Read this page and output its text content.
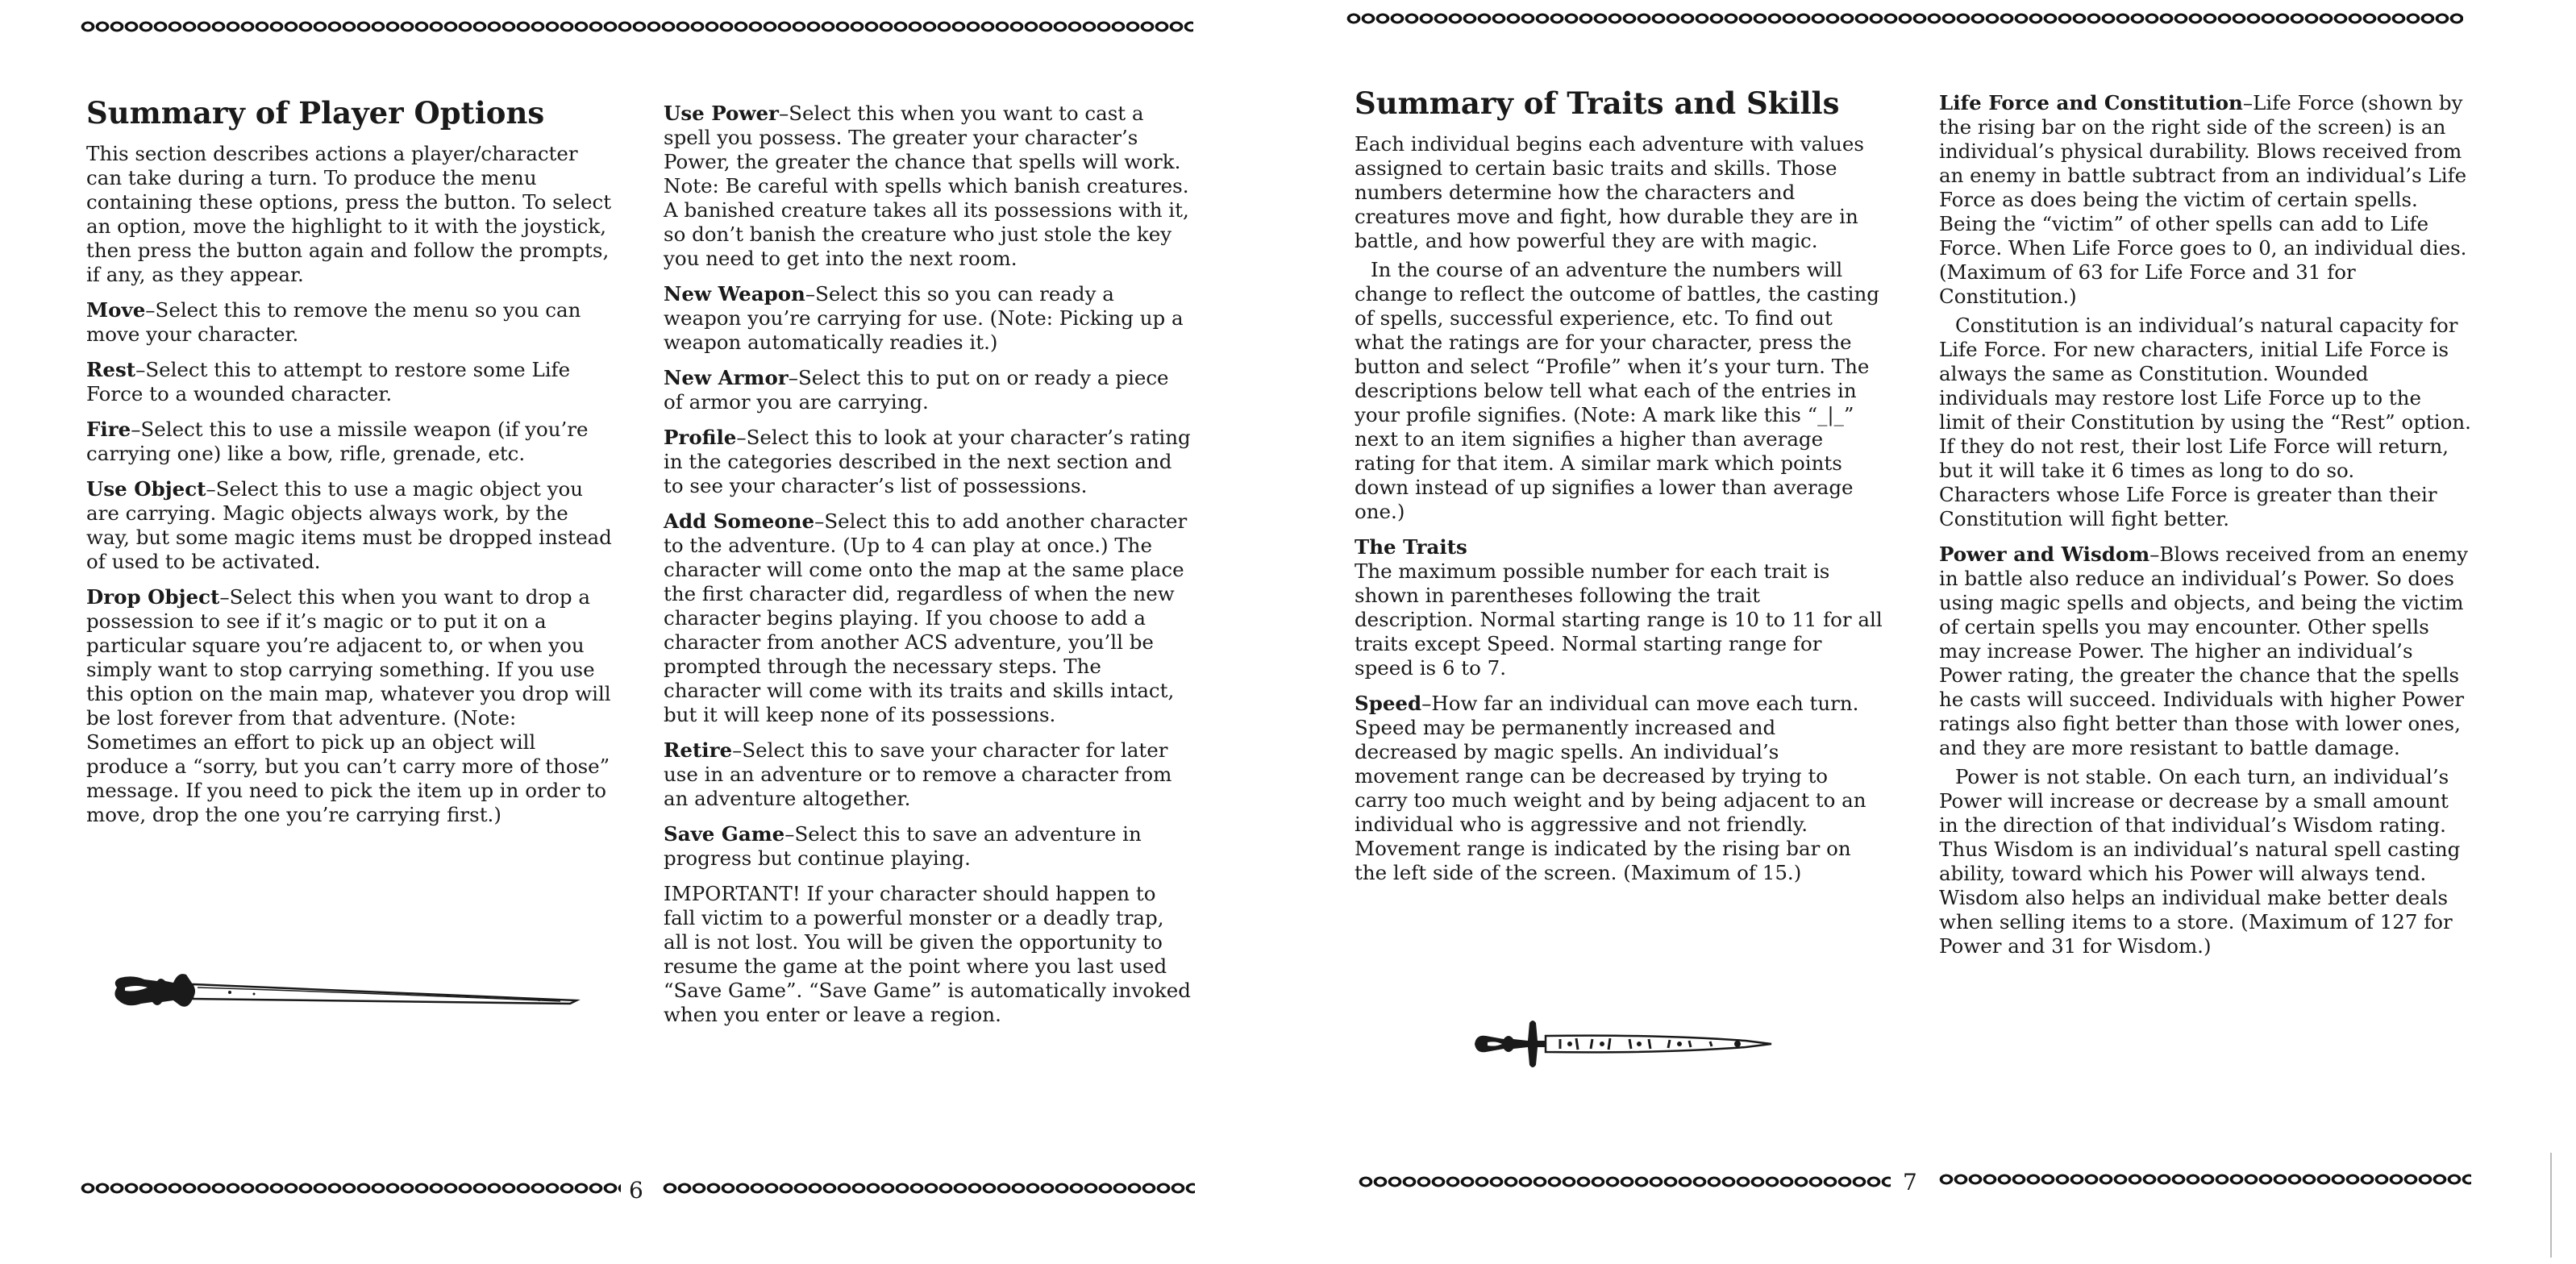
6	7
Summary of Player Options

This section describes actions a player/character can take during a turn. To produce the menu containing these options, press the button. To select an option, move the highlight to it with the joystick, then press the button again and follow the prompts, if any, as they appear.

Move–Select this to remove the menu so you can move your character.

Rest–Select this to attempt to restore some Life Force to a wounded character.

Fire–Select this to use a missile weapon (if you’re carrying one) like a bow, rifle, grenade, etc.

Use Object–Select this to use a magic object you are carrying. Magic objects always work, by the way, but some magic items must be dropped instead of used to be activated.

Drop Object–Select this when you want to drop a possession to see if it’s magic or to put it on a particular square you’re adjacent to, or when you simply want to stop carrying something. If you use this option on the main map, whatever you drop will be lost forever from that adventure. (Note: Sometimes an effort to pick up an object will produce a “sorry, but you can’t carry more of those” message. If you need to pick the item up in order to move, drop the one you’re carrying first.)

Use Power–Select this when you want to cast a spell you possess. The greater your character’s Power, the greater the chance that spells will work. Note: Be careful with spells which banish creatures. A banished creature takes all its possessions with it, so don’t banish the creature who just stole the key you need to get into the next room.

New Weapon–Select this so you can ready a weapon you’re carrying for use. (Note: Picking up a weapon automatically readies it.)

New Armor–Select this to put on or ready a piece of armor you are carrying.

Profile–Select this to look at your character’s rating in the categories described in the next section and to see your character’s list of possessions.

Add Someone–Select this to add another character to the adventure. (Up to 4 can play at once.) The character will come onto the map at the same place the first character did, regardless of when the new character begins playing. If you choose to add a character from another ACS adventure, you’ll be prompted through the necessary steps. The character will come with its traits and skills intact, but it will keep none of its possessions.

Retire–Select this to save your character for later use in an adventure or to remove a character from an adventure altogether.

Save Game–Select this to save an adventure in progress but continue playing.

IMPORTANT! If your character should happen to fall victim to a powerful monster or a deadly trap, all is not lost. You will be given the opportunity to resume the game at the point where you last used “Save Game”. “Save Game” is automatically invoked when you enter or leave a region.

Summary of Traits and Skills

Each individual begins each adventure with values assigned to certain basic traits and skills. Those numbers determine how the characters and creatures move and fight, how durable they are in battle, and how powerful they are with magic.

In the course of an adventure the numbers will change to reflect the outcome of battles, the casting of spells, successful experience, etc. To find out what the ratings are for your character, press the button and select “Profile” when it’s your turn. The descriptions below tell what each of the entries in your profile signifies. (Note: A mark like this “_|_” next to an item signifies a higher than average rating for that item. A similar mark which points down instead of up signifies a lower than average one.)

The Traits
The maximum possible number for each trait is shown in parentheses following the trait description. Normal starting range is 10 to 11 for all traits except Speed. Normal starting range for speed is 6 to 7.

Speed–How far an individual can move each turn. Speed may be permanently increased and decreased by magic spells. An individual’s movement range can be decreased by trying to carry too much weight and by being adjacent to an individual who is aggressive and not friendly. Movement range is indicated by the rising bar on the left side of the screen. (Maximum of 15.)

Life Force and Constitution–Life Force (shown by the rising bar on the right side of the screen) is an individual’s physical durability. Blows received from an enemy in battle subtract from an individual’s Life Force as does being the victim of certain spells. Being the “victim” of other spells can add to Life Force. When Life Force goes to 0, an individual dies. (Maximum of 63 for Life Force and 31 for Constitution.)

Constitution is an individual’s natural capacity for Life Force. For new characters, initial Life Force is always the same as Constitution. Wounded individuals may restore lost Life Force up to the limit of their Constitution by using the “Rest” option. If they do not rest, their lost Life Force will return, but it will take it 6 times as long to do so. Characters whose Life Force is greater than their Constitution will fight better.

Power and Wisdom–Blows received from an enemy in battle also reduce an individual’s Power. So does using magic spells and objects, and being the victim of certain spells you may encounter. Other spells may increase Power. The higher an individual’s Power rating, the greater the chance that the spells he casts will succeed. Individuals with higher Power ratings also fight better than those with lower ones, and they are more resistant to battle damage.

Power is not stable. On each turn, an individual’s Power will increase or decrease by a small amount in the direction of that individual’s Wisdom rating. Thus Wisdom is an individual’s natural spell casting ability, toward which his Power will always tend. Wisdom also helps an individual make better deals when selling items to a store. (Maximum of 127 for Power and 31 for Wisdom.)
